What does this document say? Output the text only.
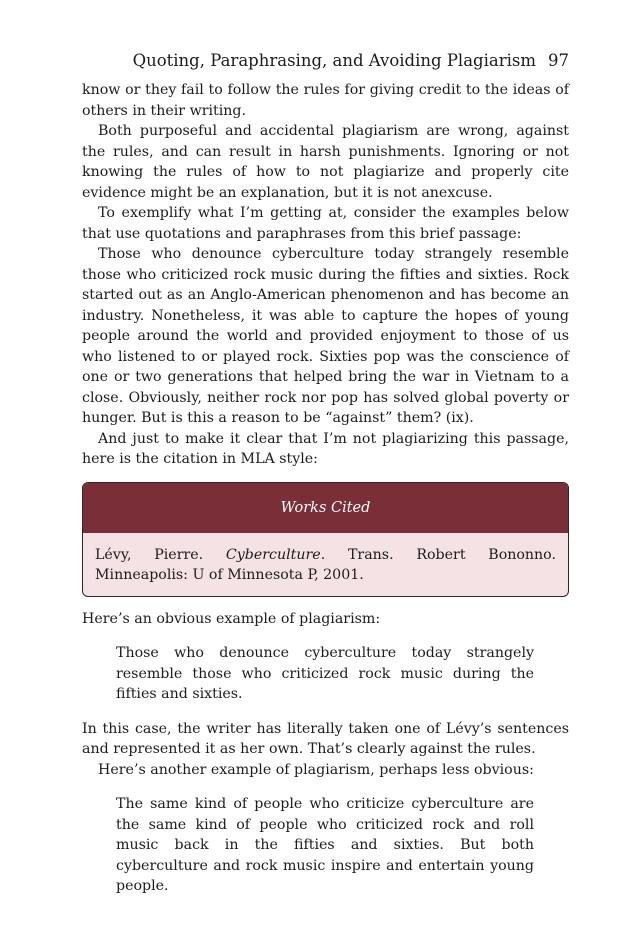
Quoting, Paraphrasing, and Avoiding Plagiarism 97

know or they fail to follow the rules for giving credit to the ideas of others in their writing.

Both purposeful and accidental plagiarism are wrong, against the rules, and can result in harsh punishments. Ignoring or not knowing the rules of how to not plagiarize and properly cite evidence might be an explanation, but it is not anexcuse.

To exemplify what I’m getting at, consider the examples below that use quotations and paraphrases from this brief passage:

Those who denounce cyberculture today strangely resemble those who criticized rock music during the fifties and sixties. Rock started out as an Anglo-American phenomenon and has become an industry. Nonetheless, it was able to capture the hopes of young people around the world and provided enjoyment to those of us who listened to or played rock. Sixties pop was the conscience of one or two generations that helped bring the war in Vietnam to a close. Obviously, neither rock nor pop has solved global poverty or hunger. But is this a reason to be “against” them? (ix).

And just to make it clear that I’m not plagiarizing this passage, here is the citation in MLA style:

Works Cited
Lévy, Pierre. Cyberculture. Trans. Robert Bononno. Minneapolis: U of Minnesota P, 2001.

Here’s an obvious example of plagiarism:

Those who denounce cyberculture today strangely resemble those who criticized rock music during the fifties and sixties.

In this case, the writer has literally taken one of Lévy’s sentences and represented it as her own. That’s clearly against the rules.

Here’s another example of plagiarism, perhaps less obvious:

The same kind of people who criticize cyberculture are the same kind of people who criticized rock and roll music back in the fifties and sixties. But both cyberculture and rock music inspire and entertain young people.
